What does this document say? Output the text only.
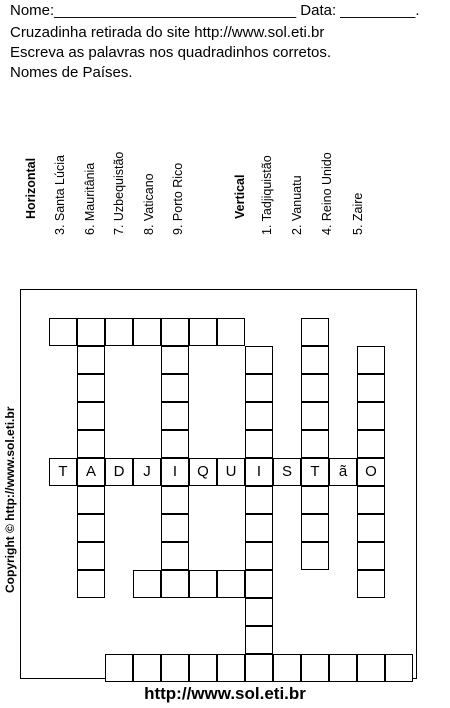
Nome:_____________________________ Data: _________.
Cruzadinha retirada do site http://www.sol.eti.br
Escreva as palavras nos quadradinhos corretos.
Nomes de Países.
Horizontal 3. Santa Lúcia 6. Mauritânia 7. Uzbequistão 8. Vaticano 9. Porto Rico	Vertical 1. Tadjiquistão 2. Vanuatu 4. Reino Unido 5. Zaire
A	I	I	T	O
T	D	J	Q	U	S	ã
Copyright © http://www.sol.eti.br
http://www.sol.eti.br
